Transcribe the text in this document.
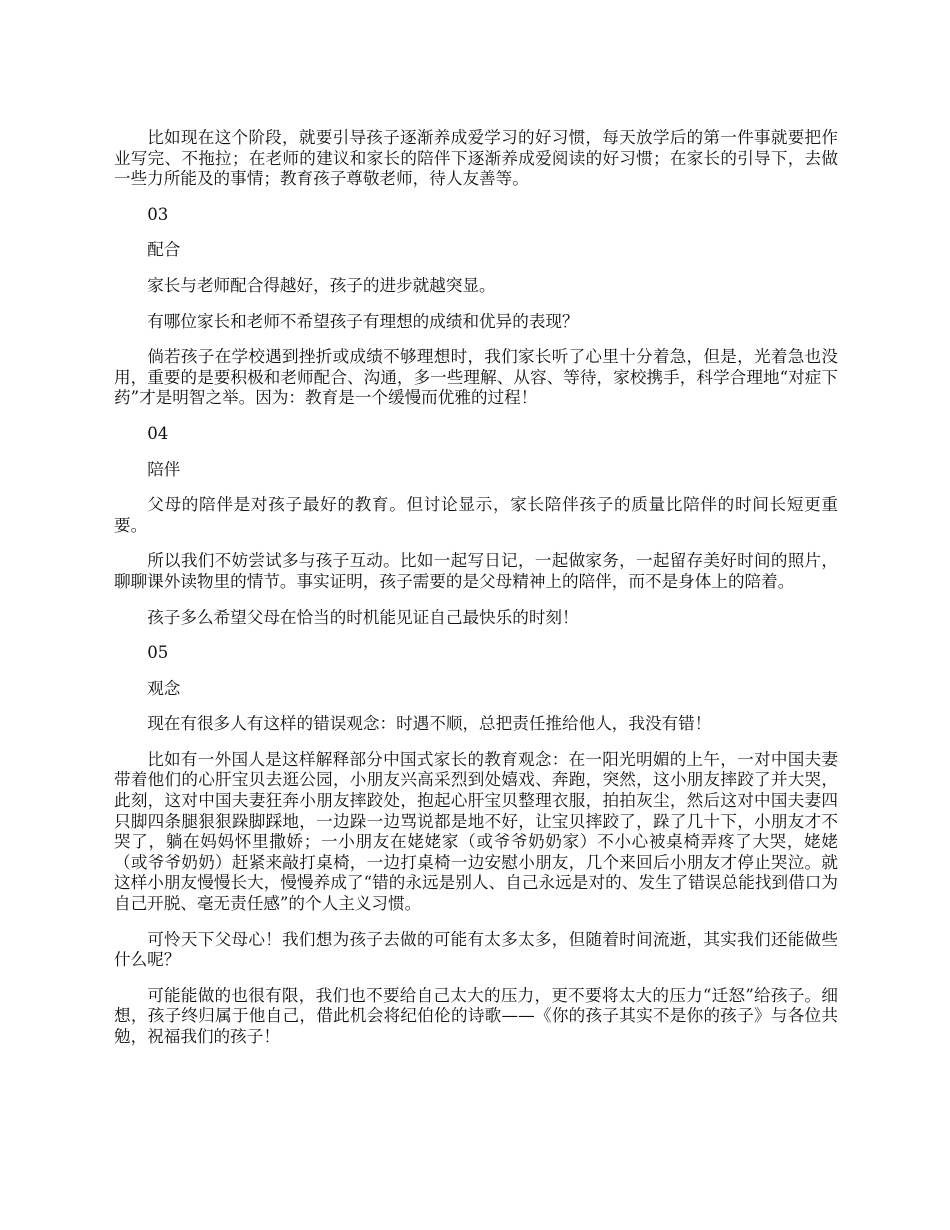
比如现在这个阶段，就要引导孩子逐渐养成爱学习的好习惯，每天放学后的第一件事就要把作业写完、不拖拉；在老师的建议和家长的陪伴下逐渐养成爱阅读的好习惯；在家长的引导下，去做一些力所能及的事情；教育孩子尊敬老师，待人友善等。

03

配合

家长与老师配合得越好，孩子的进步就越突显。

有哪位家长和老师不希望孩子有理想的成绩和优异的表现？

倘若孩子在学校遇到挫折或成绩不够理想时，我们家长听了心里十分着急，但是，光着急也没用，重要的是要积极和老师配合、沟通，多一些理解、从容、等待，家校携手，科学合理地“对症下药”才是明智之举。因为：教育是一个缓慢而优雅的过程！

04

陪伴

父母的陪伴是对孩子最好的教育。但讨论显示，家长陪伴孩子的质量比陪伴的时间长短更重要。

所以我们不妨尝试多与孩子互动。比如一起写日记，一起做家务，一起留存美好时间的照片，聊聊课外读物里的情节。事实证明，孩子需要的是父母精神上的陪伴，而不是身体上的陪着。

孩子多么希望父母在恰当的时机能见证自己最快乐的时刻！

05

观念

现在有很多人有这样的错误观念：时遇不顺，总把责任推给他人，我没有错！

比如有一外国人是这样解释部分中国式家长的教育观念：在一阳光明媚的上午，一对中国夫妻带着他们的心肝宝贝去逛公园，小朋友兴高采烈到处嬉戏、奔跑，突然，这小朋友摔跤了并大哭，此刻，这对中国夫妻狂奔小朋友摔跤处，抱起心肝宝贝整理衣服，拍拍灰尘，然后这对中国夫妻四只脚四条腿狠狠跺脚踩地，一边跺一边骂说都是地不好，让宝贝摔跤了，跺了几十下，小朋友才不哭了，躺在妈妈怀里撒娇；一小朋友在姥姥家（或爷爷奶奶家）不小心被桌椅弄疼了大哭，姥姥（或爷爷奶奶）赶紧来敲打桌椅，一边打桌椅一边安慰小朋友，几个来回后小朋友才停止哭泣。就这样小朋友慢慢长大，慢慢养成了“错的永远是别人、自己永远是对的、发生了错误总能找到借口为自己开脱、毫无责任感”的个人主义习惯。

可怜天下父母心！我们想为孩子去做的可能有太多太多，但随着时间流逝，其实我们还能做些什么呢？

可能能做的也很有限，我们也不要给自己太大的压力，更不要将太大的压力“迁怒”给孩子。细想，孩子终归属于他自己，借此机会将纪伯伦的诗歌——《你的孩子其实不是你的孩子》与各位共勉，祝福我们的孩子！
